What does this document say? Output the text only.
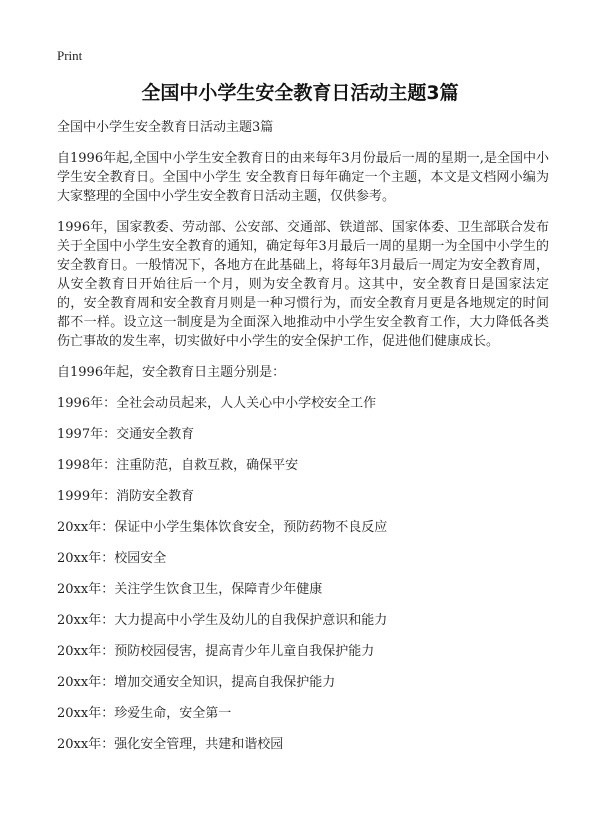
Print
全国中小学生安全教育日活动主题3篇

全国中小学生安全教育日活动主题3篇

自1996年起,全国中小学生安全教育日的由来每年3月份最后一周的星期一,是全国中小学生安全教育日。全国中小学生 安全教育日每年确定一个主题，本文是文档网小编为大家整理的全国中小学生安全教育日活动主题，仅供参考。

1996年，国家教委、劳动部、公安部、交通部、铁道部、国家体委、卫生部联合发布关于全国中小学生安全教育的通知，确定每年3月最后一周的星期一为全国中小学生的安全教育日。一般情况下，各地方在此基础上，将每年3月最后一周定为安全教育周，从安全教育日开始往后一个月，则为安全教育月。这其中，安全教育日是国家法定的，安全教育周和安全教育月则是一种习惯行为，而安全教育月更是各地规定的时间都不一样。设立这一制度是为全面深入地推动中小学生安全教育工作，大力降低各类伤亡事故的发生率，切实做好中小学生的安全保护工作，促进他们健康成长。

自1996年起，安全教育日主题分别是：

1996年：全社会动员起来，人人关心中小学校安全工作

1997年：交通安全教育

1998年：注重防范，自救互救，确保平安

1999年：消防安全教育

20xx年：保证中小学生集体饮食安全，预防药物不良反应

20xx年：校园安全

20xx年：关注学生饮食卫生，保障青少年健康

20xx年：大力提高中小学生及幼儿的自我保护意识和能力

20xx年：预防校园侵害，提高青少年儿童自我保护能力

20xx年：增加交通安全知识，提高自我保护能力

20xx年：珍爱生命，安全第一

20xx年：强化安全管理，共建和谐校园
